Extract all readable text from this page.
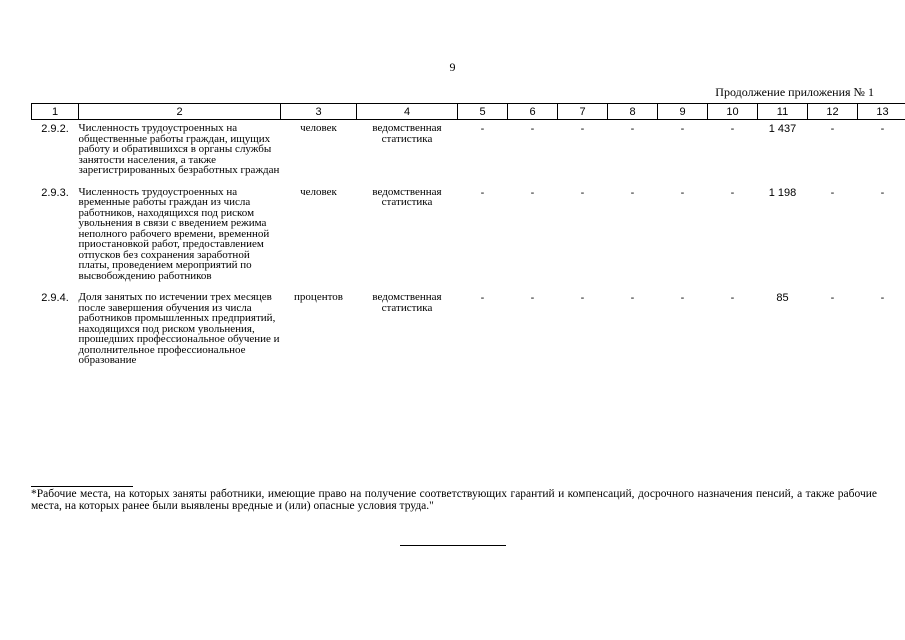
9
Продолжение приложения № 1
1	2	3	4	5	6	7	8	9	10	11	12	13
2.9.2.	Численность трудоустроенных на общественные работы граждан, ищущих работу и обратившихся в органы службы занятости населения, а также зарегистрированных безработных граждан	человек	ведомственная статистика	-	-	-	-	-	-	1 437	-	-
2.9.3.	Численность трудоустроенных на временные работы граждан из числа работников, находящихся под риском увольнения в связи с введением режима неполного рабочего времени, временной приостановкой работ, предоставлением отпусков без сохранения заработной платы, проведением мероприятий по высвобождению работников	человек	ведомственная статистика	-	-	-	-	-	-	1 198	-	-
2.9.4.	Доля занятых по истечении трех месяцев после завершения обучения из числа работников промышленных предприятий, находящихся под риском увольнения, прошедших профессиональное обучение и дополнительное профессиональное образование	процентов	ведомственная статистика	-	-	-	-	-	-	85	-	-
*Рабочие места, на которых заняты работники, имеющие право на получение соответствующих гарантий и компенсаций, досрочного назначения пенсий, а также рабочие места, на которых ранее были выявлены вредные и (или) опасные условия труда."
